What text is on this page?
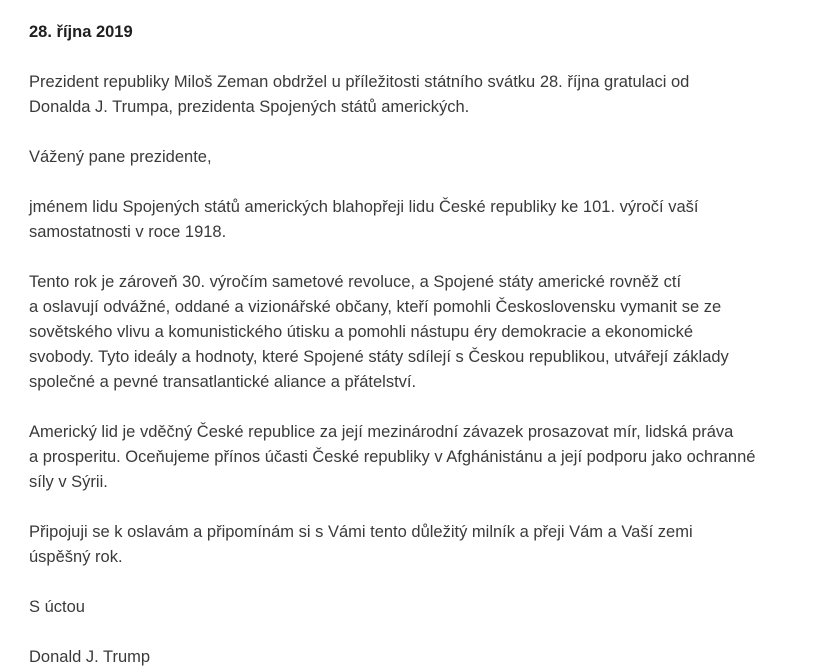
28. října 2019
Prezident republiky Miloš Zeman obdržel u příležitosti státního svátku 28. října gratulaci od
Donalda J. Trumpa, prezidenta Spojených států amerických.
Vážený pane prezidente,
jménem lidu Spojených států amerických blahopřeji lidu České republiky ke 101. výročí vaší
samostatnosti v roce 1918.
Tento rok je zároveň 30. výročím sametové revoluce, a Spojené státy americké rovněž ctí
a oslavují odvážné, oddané a vizionářské občany, kteří pomohli Československu vymanit se ze
sovětského vlivu a komunistického útisku a pomohli nástupu éry demokracie a ekonomické
svobody. Tyto ideály a hodnoty, které Spojené státy sdílejí s Českou republikou, utvářejí základy
společné a pevné transatlantické aliance a přátelství.
Americký lid je vděčný České republice za její mezinárodní závazek prosazovat mír, lidská práva
a prosperitu. Oceňujeme přínos účasti České republiky v Afghánistánu a její podporu jako ochranné
síly v Sýrii.
Připojuji se k oslavám a připomínám si s Vámi tento důležitý milník a přeji Vám a Vaší zemi
úspěšný rok.
S úctou
Donald J. Trump
